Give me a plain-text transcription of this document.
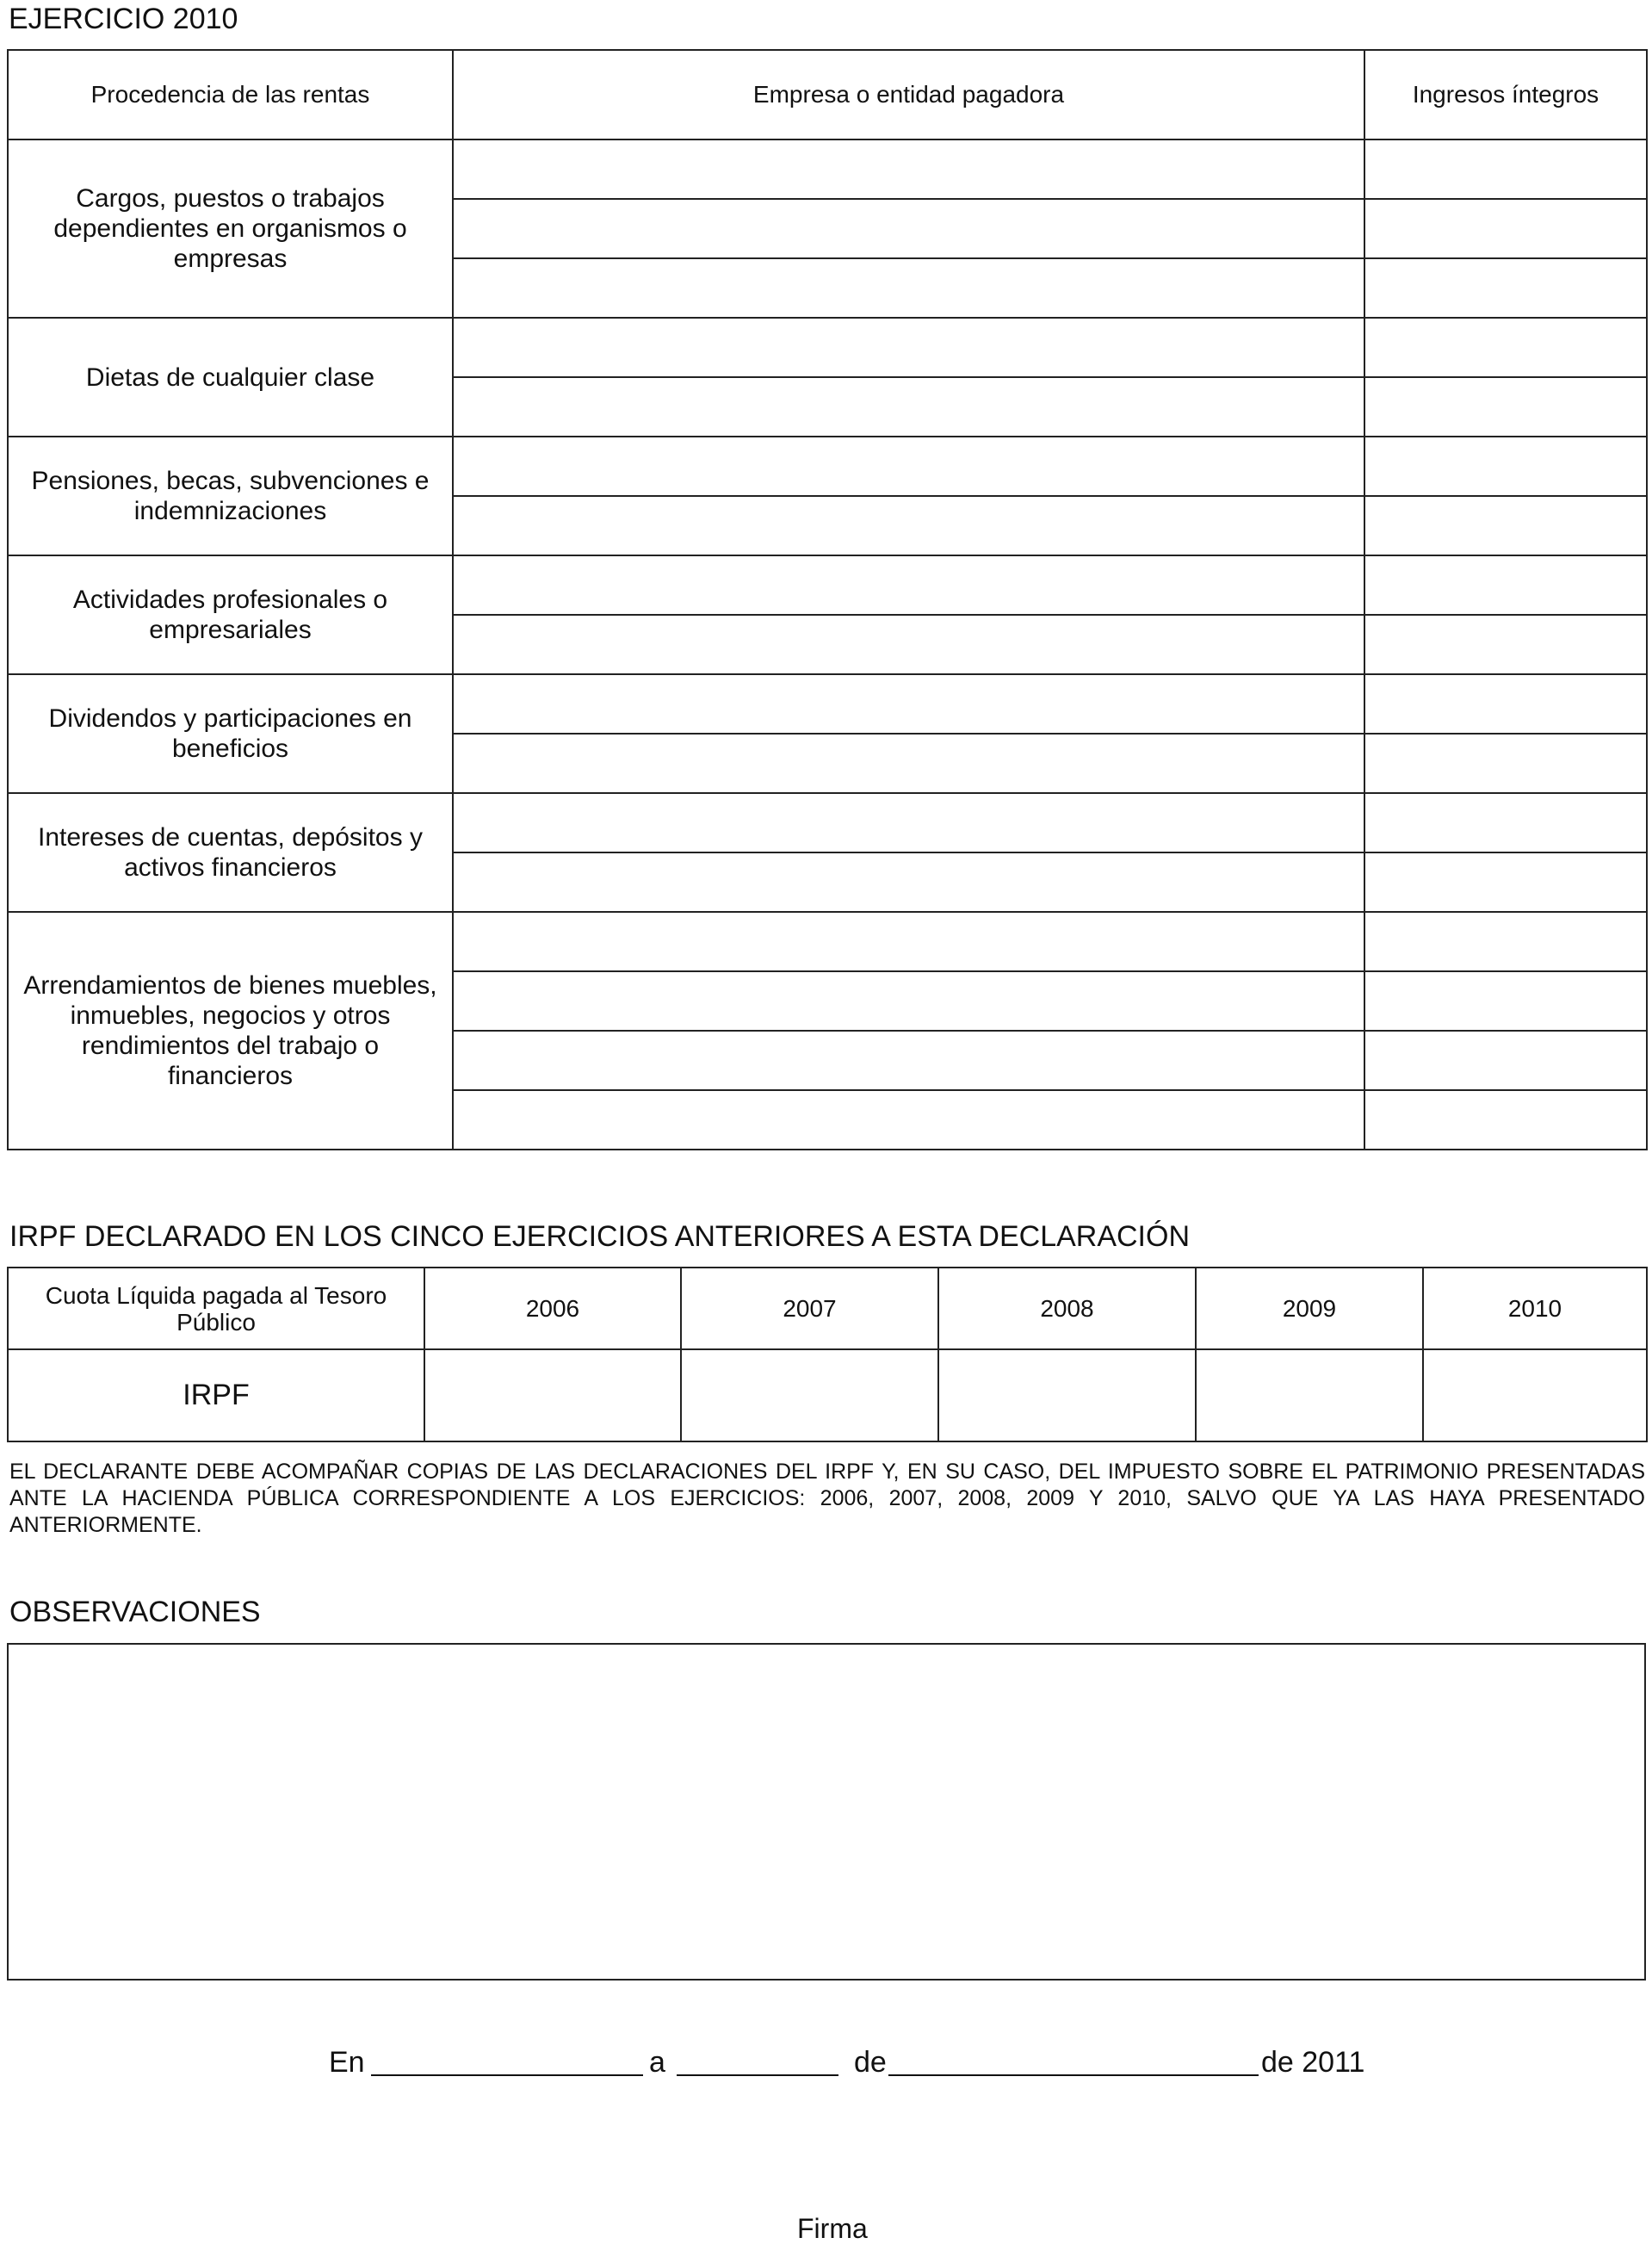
EJERCICIO 2010
Procedencia de las rentas	Empresa o entidad pagadora	Ingresos íntegros
Cargos, puestos o trabajos dependientes en organismos o empresas		

Dietas de cualquier clase		

Pensiones, becas, subvenciones e indemnizaciones		

Actividades profesionales o empresariales		

Dividendos y participaciones en beneficios		

Intereses de cuentas, depósitos y activos financieros		

Arrendamientos de bienes muebles, inmuebles, negocios y otros rendimientos del trabajo o financieros		

IRPF DECLARADO EN LOS CINCO EJERCICIOS ANTERIORES A ESTA DECLARACIÓN
Cuota Líquida pagada al Tesoro Público	2006	2007	2008	2009	2010
IRPF					

EL DECLARANTE DEBE ACOMPAÑAR COPIAS DE LAS DECLARACIONES DEL IRPF Y, EN SU CASO, DEL IMPUESTO SOBRE EL PATRIMONIO PRESENTADAS ANTE LA HACIENDA PÚBLICA CORRESPONDIENTE A LOS EJERCICIOS: 2006, 2007, 2008, 2009 Y 2010, SALVO QUE YA LAS HAYA PRESENTADO ANTERIORMENTE.

OBSERVACIONES
En	a	de	de 2011
Firma
